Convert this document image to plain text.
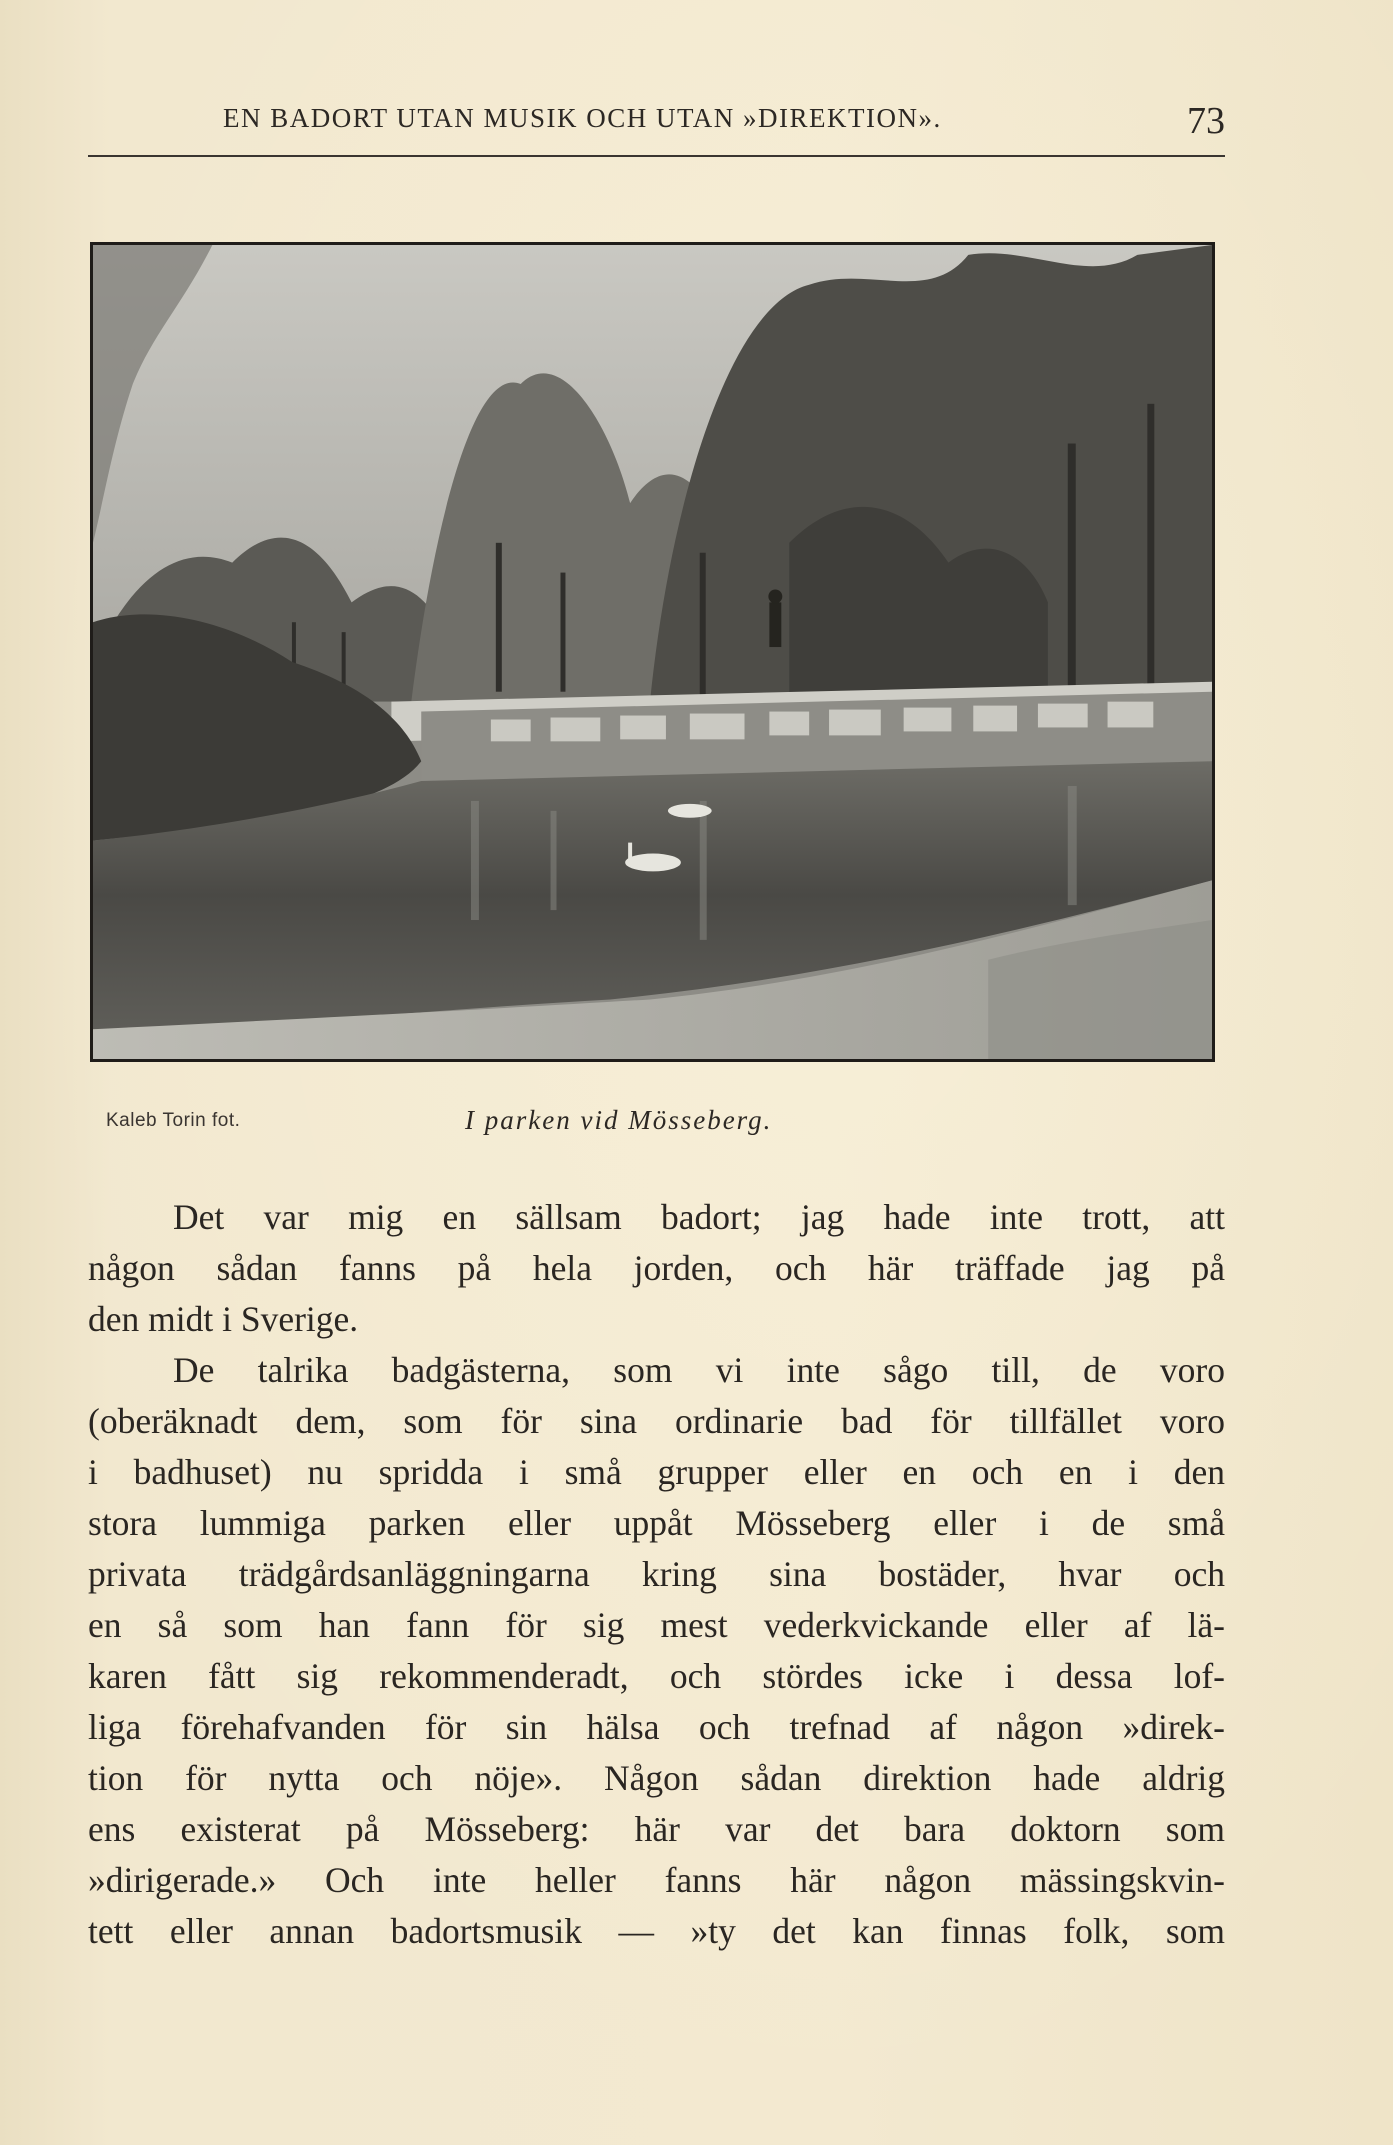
EN BADORT UTAN MUSIK OCH UTAN »DIREKTION».	73
Kaleb Torin fot.	I parken vid Mösseberg.

Det var mig en sällsam badort; jag hade inte trott, att

någon sådan fanns på hela jorden, och här träffade jag på

den midt i Sverige.

De talrika badgästerna, som vi inte sågo till, de voro

(oberäknadt dem, som för sina ordinarie bad för tillfället voro

i badhuset) nu spridda i små grupper eller en och en i den

stora lummiga parken eller uppåt Mösseberg eller i de små

privata trädgårdsanläggningarna kring sina bostäder, hvar och

en så som han fann för sig mest vederkvickande eller af lä-

karen fått sig rekommenderadt, och stördes icke i dessa lof-

liga förehafvanden för sin hälsa och trefnad af någon »direk-

tion för nytta och nöje». Någon sådan direktion hade aldrig

ens existerat på Mösseberg: här var det bara doktorn som

»dirigerade.» Och inte heller fanns här någon mässingskvin-

tett eller annan badortsmusik — »ty det kan finnas folk, som
